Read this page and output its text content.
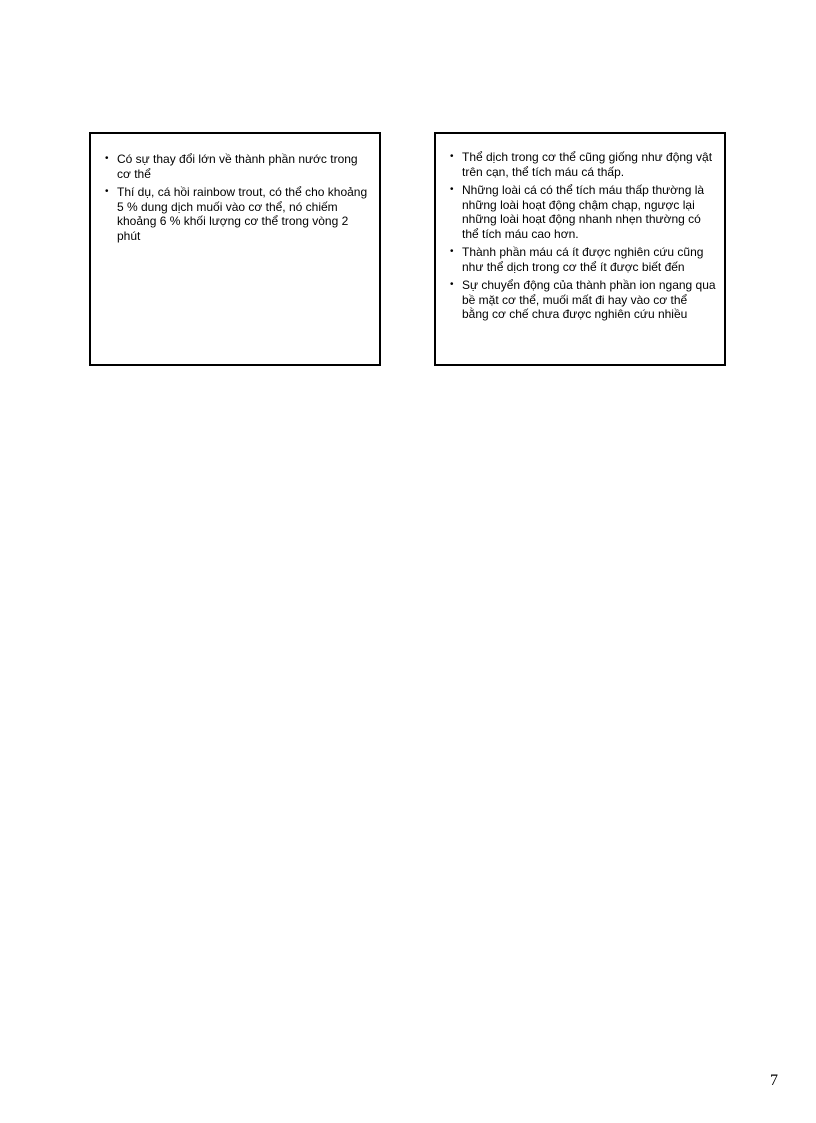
• Có sự thay đổi lớn về thành phần nước trong cơ thể
• Thí dụ, cá hồi rainbow trout, có thể cho khoảng 5 % dung dịch muối vào cơ thể, nó chiếm khoảng 6 % khối lượng cơ thể trong vòng 2 phút
• Thể dịch trong cơ thể cũng giống như động vật trên cạn, thể tích máu cá thấp.
• Những loài cá có thể tích máu thấp thường là những loài hoạt động chậm chạp, ngược lại những loài hoạt động nhanh nhẹn thường có thể tích máu cao hơn.
• Thành phần máu cá ít được nghiên cứu cũng như thể dịch trong cơ thể ít được biết đến
• Sự chuyển động của thành phần ion ngang qua bề mặt cơ thể, muối mất đi hay vào cơ thể bằng cơ chế chưa được nghiên cứu nhiều
7
